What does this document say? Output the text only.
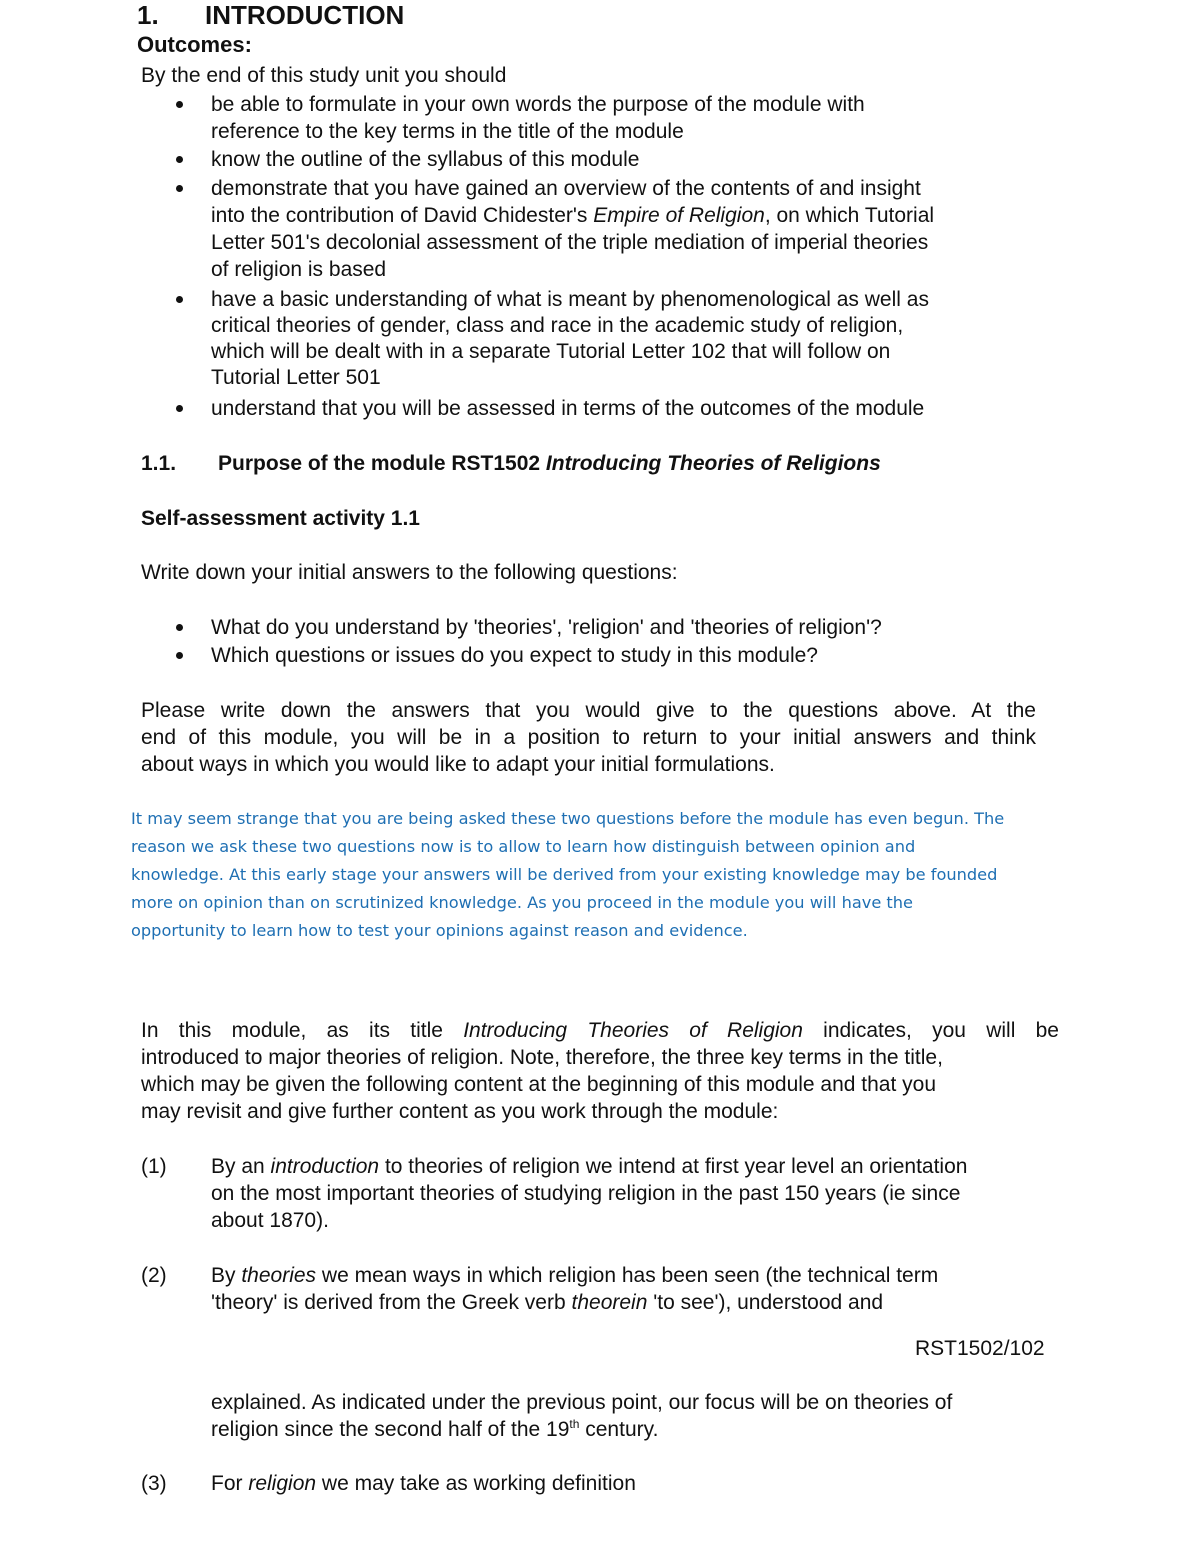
1. INTRODUCTION
Outcomes:
By the end of this study unit you should
be able to formulate in your own words the purpose of the module with
reference to the key terms in the title of the module
know the outline of the syllabus of this module
demonstrate that you have gained an overview of the contents of and insight
into the contribution of David Chidester's Empire of Religion, on which Tutorial
Letter 501's decolonial assessment of the triple mediation of imperial theories
of religion is based
have a basic understanding of what is meant by phenomenological as well as
critical theories of gender, class and race in the academic study of religion,
which will be dealt with in a separate Tutorial Letter 102 that will follow on
Tutorial Letter 501
understand that you will be assessed in terms of the outcomes of the module
1.1. Purpose of the module RST1502 Introducing Theories of Religions
Self-assessment activity 1.1
Write down your initial answers to the following questions:
What do you understand by 'theories', 'religion' and 'theories of religion'?
Which questions or issues do you expect to study in this module?
Please write down the answers that you would give to the questions above. At the
end of this module, you will be in a position to return to your initial answers and think
about ways in which you would like to adapt your initial formulations.
It may seem strange that you are being asked these two questions before the module has even begun. The
reason we ask these two questions now is to allow to learn how distinguish between opinion and
knowledge. At this early stage your answers will be derived from your existing knowledge may be founded
more on opinion than on scrutinized knowledge. As you proceed in the module you will have the
opportunity to learn how to test your opinions against reason and evidence.
In this module, as its title Introducing Theories of Religion indicates, you will be
introduced to major theories of religion. Note, therefore, the three key terms in the title,
which may be given the following content at the beginning of this module and that you
may revisit and give further content as you work through the module:
(1) By an introduction to theories of religion we intend at first year level an orientation
on the most important theories of studying religion in the past 150 years (ie since
about 1870).
(2) By theories we mean ways in which religion has been seen (the technical term
'theory' is derived from the Greek verb theorein 'to see'), understood and
RST1502/102
explained. As indicated under the previous point, our focus will be on theories of
religion since the second half of the 19th century.
(3) For religion we may take as working definition
